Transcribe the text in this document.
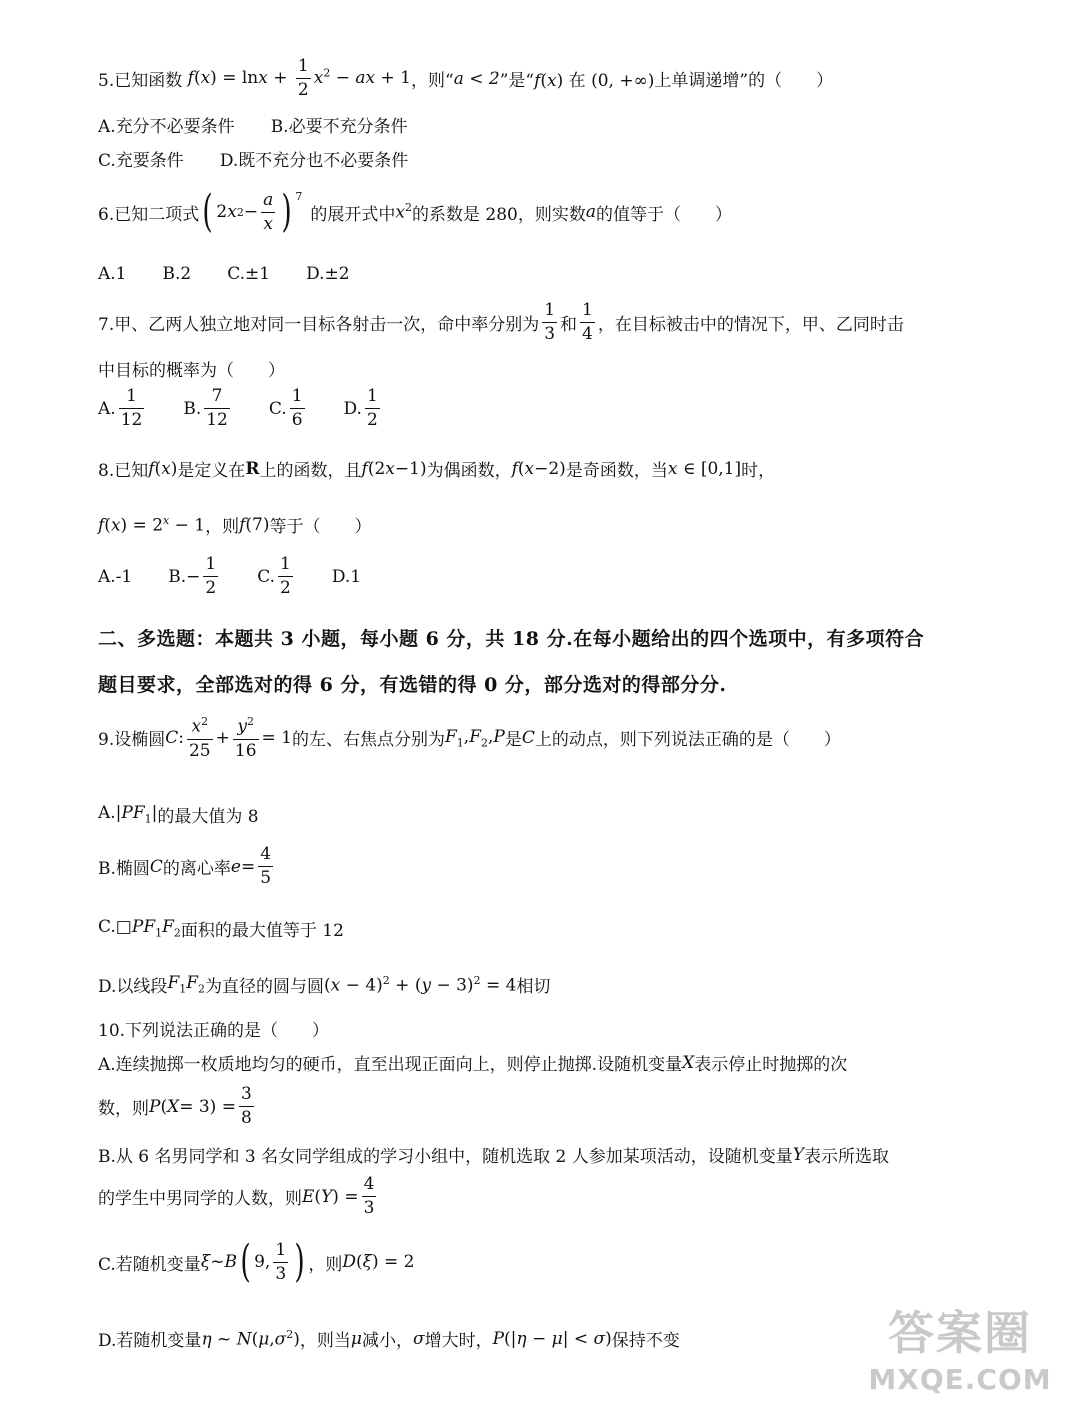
5.已知函数 $f(x) = \ln x + \frac{1}{2} x^2$ − ax + 1 ，则“ a < 2 ”是“ f(x) 在 (0, +∞) 上单调递增”的（　　）
A.充分不必要条件 B.必要不充分条件
C.充要条件 D.既不充分也不必要条件
6.已知二项式 ( 2 x $2 - \frac{a}{x}$ ) $^7$
的展开式中 $x^2$ 的系数是 280，则实数 a 的值等于（　　）
A.1 B.2 C.±1 D.±2
7.甲、乙两人独立地对同一目标各射击一次，命中率分别为 $\frac{1}{3}$ 和 $\frac{1}{4}$ ，在目标被击中的情况下，甲、乙同时击
中目标的概率为（　　）
A. $\frac{1}{12} B$. $\frac{7}{12} C$. $\frac{1}{6} D$. $\frac{1}{2}$
8.已知 f(x) 是定义在 R 上的函数，且 f(2x−1) 为偶函数， f(x−2) 是奇函数，当 x ∈ [0,1] 时，
$f(x) = 2^x - 1$ ，则 f(7) 等于（　　）
A.-1 $B.- \frac{1}{2} C$. $\frac{1}{2} D.1$
二、多选题：本题共 3 小题，每小题 6 分，共 18 分.在每小题给出的四个选项中，有多项符合
题目要求，全部选对的得 6 分，有选错的得 0 分，部分选对的得部分分.
9.设椭圆 C : $\frac{x^2}{25} + \frac{y^2}{16} = 1$ 的左、右焦点分别为 $F_1,F_2,P$ 是 C 上的动点，则下列说法正确的是（　　）
$A.|PF_1|$ 的最大值为 8
B.椭圆 C 的离心率 $e = \frac{4}{5}$
$C.□PF_1F_2$ 面积的最大值等于 12
D.以线段 $F_1F_2$ 为直径的圆与圆 $(x - 4)^2 + (y - 3)^2 = 4$ 相切
10.下列说法正确的是（　　）
A.连续抛掷一枚质地均匀的硬币，直至出现正面向上，则停止抛掷.设随机变量 X 表示停止时抛掷的次
数，则 P ( $X = 3) = \frac{3}{8}$
B.从 6 名男同学和 3 名女同学组成的学习小组中，随机选取 2 人参加某项活动，设随机变量 Y 表示所选取
的学生中男同学的人数，则 E ( Y ) = $\frac{4}{3}$
C.若随机变量 ξ ~ B ( 9, $\frac{1}{3}$ ) ，则 D(ξ) = 2
D.若随机变量 η ~ $N(\mu,\sigma^2)$ ，则当 μ 减小， σ 增大时， P(|η − μ| < σ) 保持不变	答案圈
MXQE.COM
